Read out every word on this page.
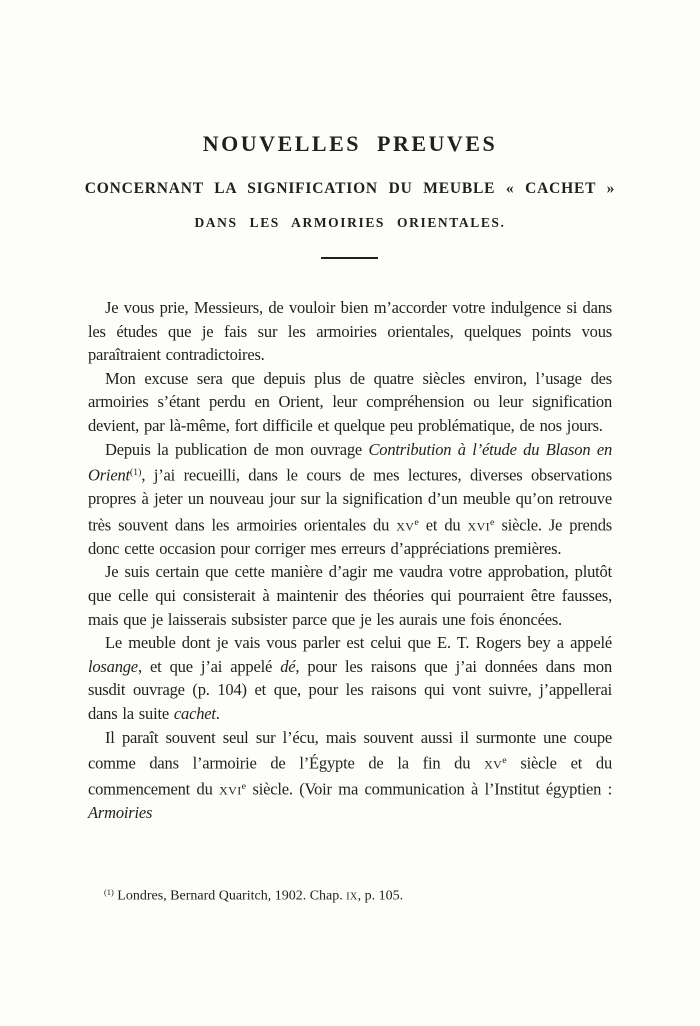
NOUVELLES PREUVES
CONCERNANT LA SIGNIFICATION DU MEUBLE « CACHET »
DANS LES ARMOIRIES ORIENTALES.

Je vous prie, Messieurs, de vouloir bien m’accorder votre indulgence si dans les études que je fais sur les armoiries orientales, quelques points vous paraîtraient contradictoires.

Mon excuse sera que depuis plus de quatre siècles environ, l’usage des armoiries s’étant perdu en Orient, leur compréhension ou leur signification devient, par là-même, fort difficile et quelque peu problématique, de nos jours.

Depuis la publication de mon ouvrage Contribution à l’étude du Blason en Orient$^{(1)}$, j’ai recueilli, dans le cours de mes lectures, diverses observations propres à jeter un nouveau jour sur la signification d’un meuble qu’on retrouve très souvent dans les armoiries orientales du $xv^e$ et du xvi$^e$ siècle. Je prends donc cette occasion pour corriger mes erreurs d’appréciations premières.

Je suis certain que cette manière d’agir me vaudra votre approbation, plutôt que celle qui consisterait à maintenir des théories qui pourraient être fausses, mais que je laisserais subsister parce que je les aurais une fois énoncées.

Le meuble dont je vais vous parler est celui que E. T. Rogers bey a appelé losange, et que j’ai appelé dé, pour les raisons que j’ai données dans mon susdit ouvrage (p. 104) et que, pour les raisons qui vont suivre, j’appellerai dans la suite cachet.

Il paraît souvent seul sur l’écu, mais souvent aussi il surmonte une coupe comme dans l’armoirie de l’Égypte de la fin du $xv^e$ siècle et du commencement du xvi$^e$ siècle. (Voir ma communication à l’Institut égyptien : Armoiries

$^{(1)}$ Londres, Bernard Quaritch, 1902. Chap. ix, p. 105.
